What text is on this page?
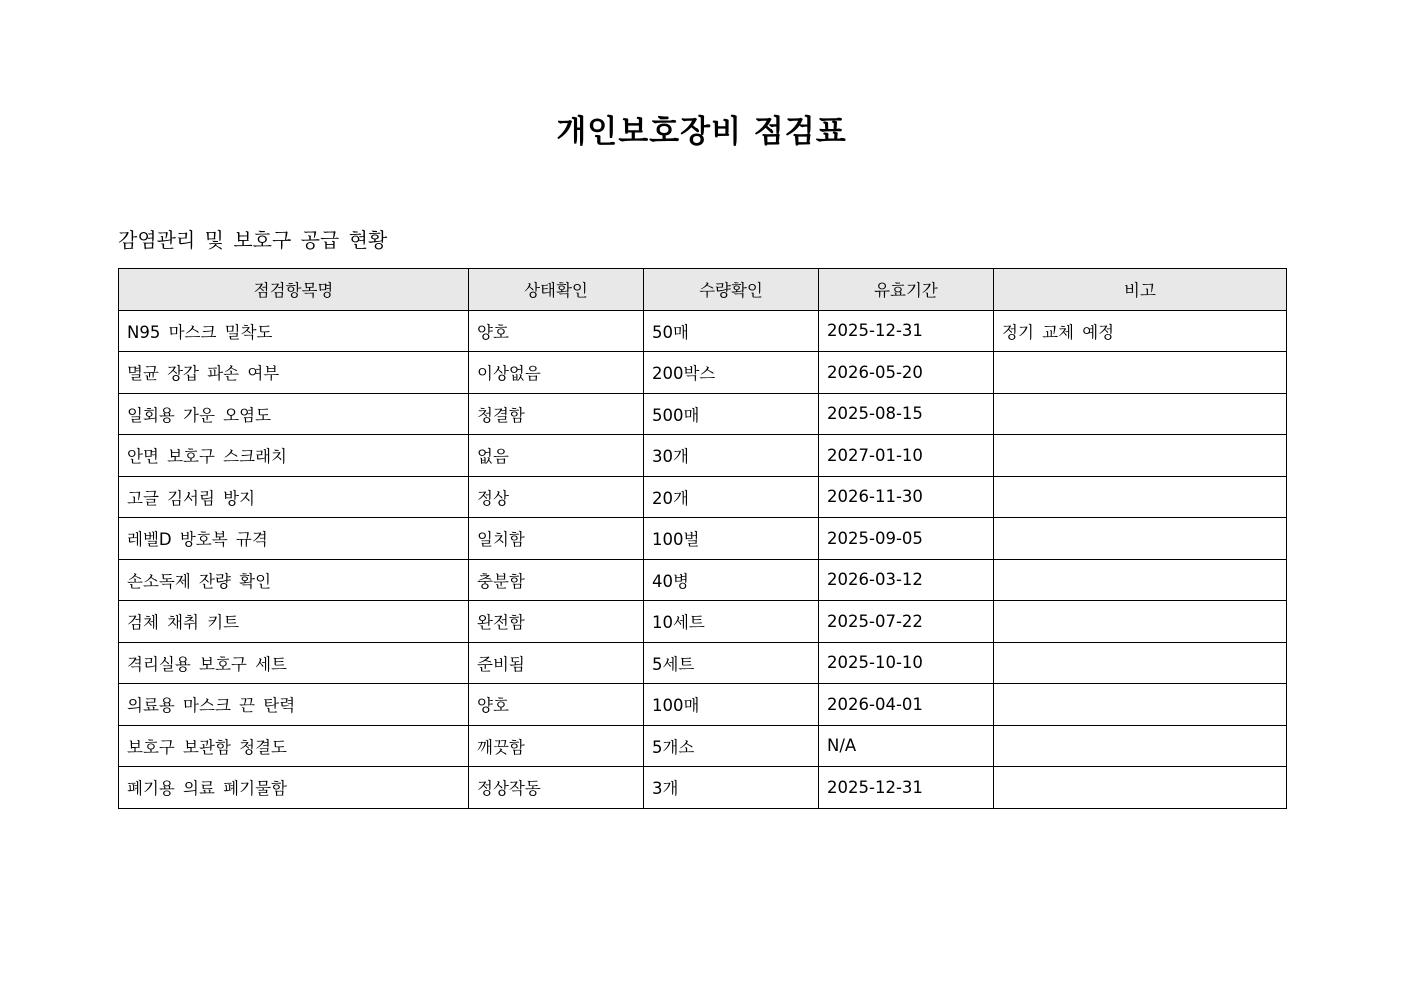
개인보호장비 점검표
감염관리 및 보호구 공급 현황
점검항목명	상태확인	수량확인	유효기간	비고
N95 마스크 밀착도	양호	50매	2025-12-31	정기 교체 예정
멸균 장갑 파손 여부	이상없음	200박스	2026-05-20	
일회용 가운 오염도	청결함	500매	2025-08-15	
안면 보호구 스크래치	없음	30개	2027-01-10	
고글 김서림 방지	정상	20개	2026-11-30	
레벨D 방호복 규격	일치함	100벌	2025-09-05	
손소독제 잔량 확인	충분함	40병	2026-03-12	
검체 채취 키트	완전함	10세트	2025-07-22	
격리실용 보호구 세트	준비됨	5세트	2025-10-10	
의료용 마스크 끈 탄력	양호	100매	2026-04-01	
보호구 보관함 청결도	깨끗함	5개소	N/A	
폐기용 의료 폐기물함	정상작동	3개	2025-12-31	
